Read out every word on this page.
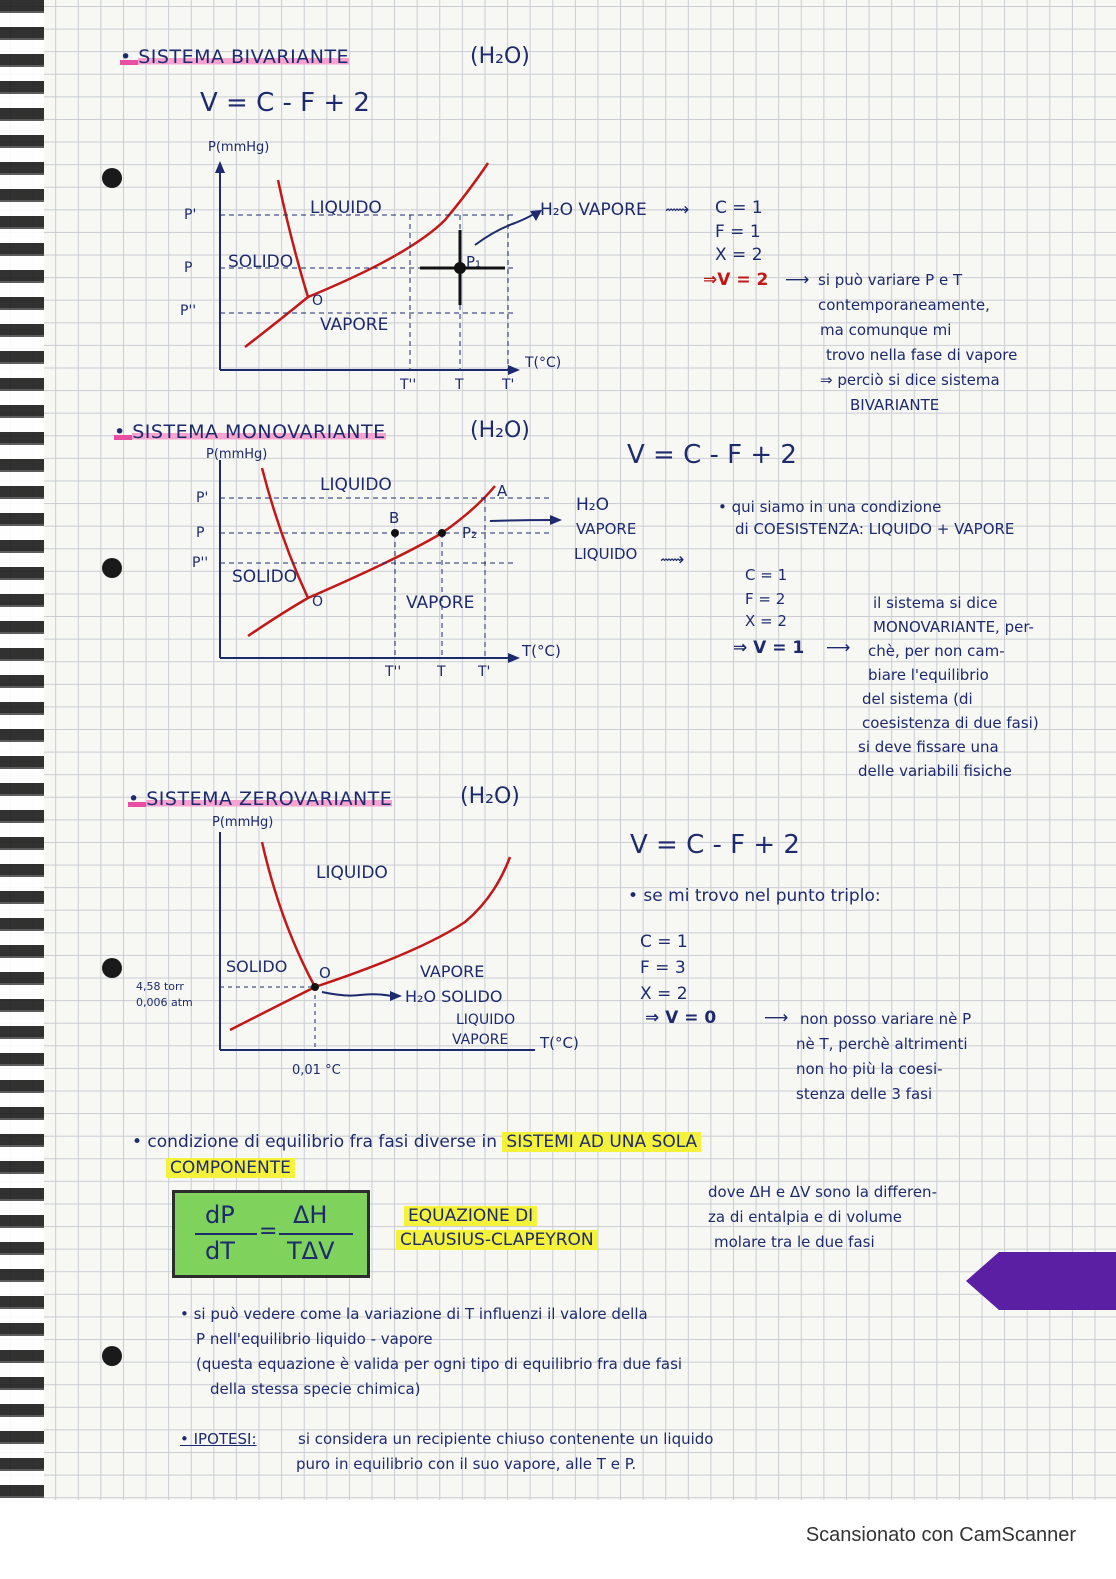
• SISTEMA BIVARIANTE	(H₂O)
V = C - F + 2
P(mmHg)
T(°C)
P'
P
P''
T''	T	T'
LIQUIDO
SOLIDO
VAPORE
O
P₁
H₂O VAPORE ⟿ C = 1
F = 1
X = 2
⇒V = 2 ⟶ si può variare P e T
contemporaneamente,
ma comunque mi
trovo nella fase di vapore
⇒ perciò si dice sistema
BIVARIANTE
• SISTEMA MONOVARIANTE	(H₂O)
V = C - F + 2
P(mmHg)
T(°C)
P'
P
P''
T''	T T'
LIQUIDO
SOLIDO
VAPORE
O
A
B
P₂
H₂O
VAPORE
LIQUIDO ⟿
• qui siamo in una condizione
di COESISTENZA: LIQUIDO + VAPORE
C = 1
F = 2
X = 2
⇒ V = 1 ⟶
il sistema si dice
MONOVARIANTE, per-
chè, per non cam-
biare l'equilibrio
del sistema (di
coesistenza di due fasi)
si deve fissare una
delle variabili fisiche
• SISTEMA ZEROVARIANTE	(H₂O)
V = C - F + 2
P(mmHg)
T(°C)
4,58 torr
0,006 atm
0,01 °C
LIQUIDO
SOLIDO	VAPORE
O
H₂O SOLIDO
LIQUIDO
VAPORE
• se mi trovo nel punto triplo:
C = 1
F = 3
X = 2
⇒ V = 0	⟶ non posso variare nè P
nè T, perchè altrimenti
non ho più la coesi-
stenza delle 3 fasi
• condizione di equilibrio fra fasi diverse in SISTEMI AD UNA SOLA
COMPONENTE
dP
dT
=
ΔH
TΔV
EQUAZIONE DI
CLAUSIUS-CLAPEYRON
dove ΔH e ΔV sono la differen-
za di entalpia e di volume
molare tra le due fasi
• si può vedere come la variazione di T influenzi il valore della
P nell'equilibrio liquido - vapore
(questa equazione è valida per ogni tipo di equilibrio fra due fasi
della stessa specie chimica)
• IPOTESI:	si considera un recipiente chiuso contenente un liquido
puro in equilibrio con il suo vapore, alle T e P.
Scansionato con CamScanner
